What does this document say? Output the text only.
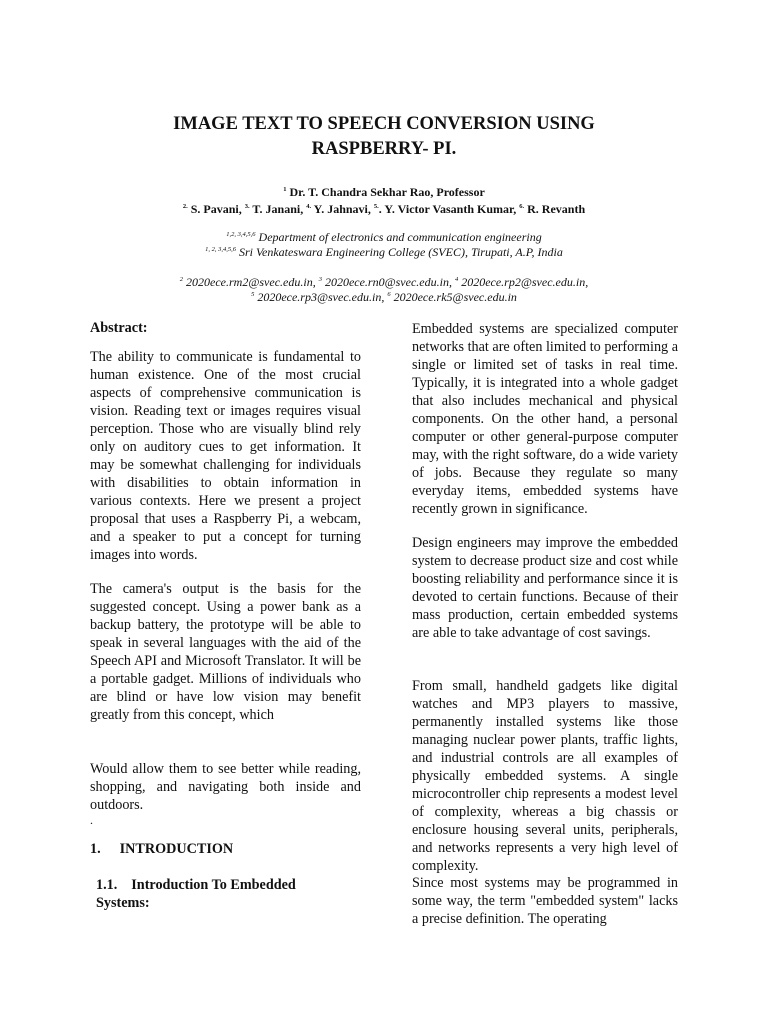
IMAGE TEXT TO SPEECH CONVERSION USING
RASPBERRY- PI.
$^1$ Dr. T. Chandra Sekhar Rao, Professor
$^{2.}$ S. Pavani, $^{3.}$ T. Janani, $^{4.}$ Y. Jahnavi, $^{5.}$. Y. Victor Vasanth Kumar, $^{6.}$ R. Revanth
$^{1,2, 3,4,5,6}$ Department of electronics and communication engineering
$^{1, 2, 3,4,5,6}$ Sri Venkateswara Engineering College (SVEC), Tirupati, A.P, India
$^2$ 2020ece.rm2@svec.edu.in, $^3$ 2020ece.rn0@svec.edu.in, $^4$ 2020ece.rp2@svec.edu.in,
$^5$ 2020ece.rp3@svec.edu.in, $^6$ 2020ece.rk5@svec.edu.in
Abstract:
The ability to communicate is fundamental to human existence. One of the most crucial aspects of comprehensive communication is vision. Reading text or images requires visual perception. Those who are visually blind rely only on auditory cues to get information. It may be somewhat challenging for individuals with disabilities to obtain information in various contexts. Here we present a project proposal that uses a Raspberry Pi, a webcam, and a speaker to put a concept for turning images into words.
The camera's output is the basis for the suggested concept. Using a power bank as a backup battery, the prototype will be able to speak in several languages with the aid of the Speech API and Microsoft Translator. It will be a portable gadget. Millions of individuals who are blind or have low vision may benefit greatly from this concept, which
Would allow them to see better while reading, shopping, and navigating both inside and outdoors.
.
1. INTRODUCTION
1.1. Introduction To Embedded
Systems:
Embedded systems are specialized computer networks that are often limited to performing a single or limited set of tasks in real time. Typically, it is integrated into a whole gadget that also includes mechanical and physical components. On the other hand, a personal computer or other general-purpose computer may, with the right software, do a wide variety of jobs. Because they regulate so many everyday items, embedded systems have recently grown in significance.
Design engineers may improve the embedded system to decrease product size and cost while boosting reliability and performance since it is devoted to certain functions. Because of their mass production, certain embedded systems are able to take advantage of cost savings.
From small, handheld gadgets like digital watches and MP3 players to massive, permanently installed systems like those managing nuclear power plants, traffic lights, and industrial controls are all examples of physically embedded systems. A single microcontroller chip represents a modest level of complexity, whereas a big chassis or enclosure housing several units, peripherals, and networks represents a very high level of complexity.
Since most systems may be programmed in some way, the term "embedded system" lacks a precise definition. The operating
